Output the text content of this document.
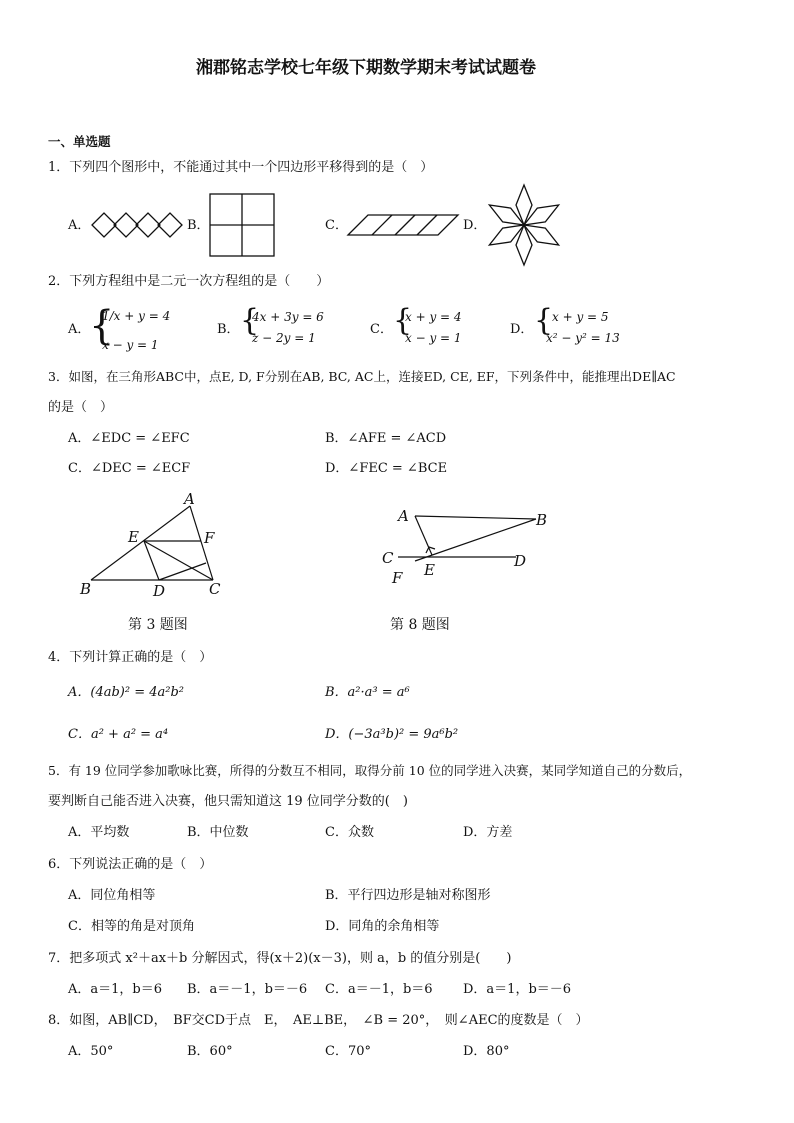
湘郡铭志学校七年级下期数学期末考试试题卷
一、单选题
1．下列四个图形中，不能通过其中一个四边形平移得到的是（　）
A．	B．	C．	D．
2．下列方程组中是二元一次方程组的是（　　）
A．
{
1/x + y = 4
x − y = 1
B． {
4x + 3y = 6
z − 2y = 1
C． {
x + y = 4
x − y = 1
D． {
x + y = 5
x² − y² = 13
3．如图，在三角形ABC中，点E, D, F分别在AB, BC, AC上，连接ED, CE, EF，下列条件中，能推理出DE∥AC
的是（　）
A．∠EDC = ∠EFC	B．∠AFE = ∠ACD
C．∠DEC = ∠ECF	D．∠FEC = ∠BCE
A
E	F
B	D	C
第 3 题图
A	B
C
E	D
F
第 8 题图
4．下列计算正确的是（　）
A．(4ab)² = 4a²b²	B．a²·a³ = a⁶
C．a² + a² = a⁴	D．(−3a³b)² = 9a⁶b²
5．有 19 位同学参加歌咏比赛，所得的分数互不相同，取得分前 10 位的同学进入决赛，某同学知道自己的分数后，
要判断自己能否进入决赛，他只需知道这 19 位同学分数的(　)
A．平均数	B．中位数	C．众数	D．方差
6．下列说法正确的是（　）
A．同位角相等	B．平行四边形是轴对称图形
C．相等的角是对顶角	D．同角的余角相等
7．把多项式 x²＋ax＋b 分解因式，得(x＋2)(x－3)，则 a，b 的值分别是(　　)
A．a＝1，b＝6 B．a＝－1，b＝－6 C．a＝－1，b＝6 D．a＝1，b＝－6
8．如图，AB∥CD，　BF交CD于点　E，　AE⊥BE，　∠B = 20°，　则∠AEC的度数是（　）
A．50°	B．60°	C．70°	D．80°
